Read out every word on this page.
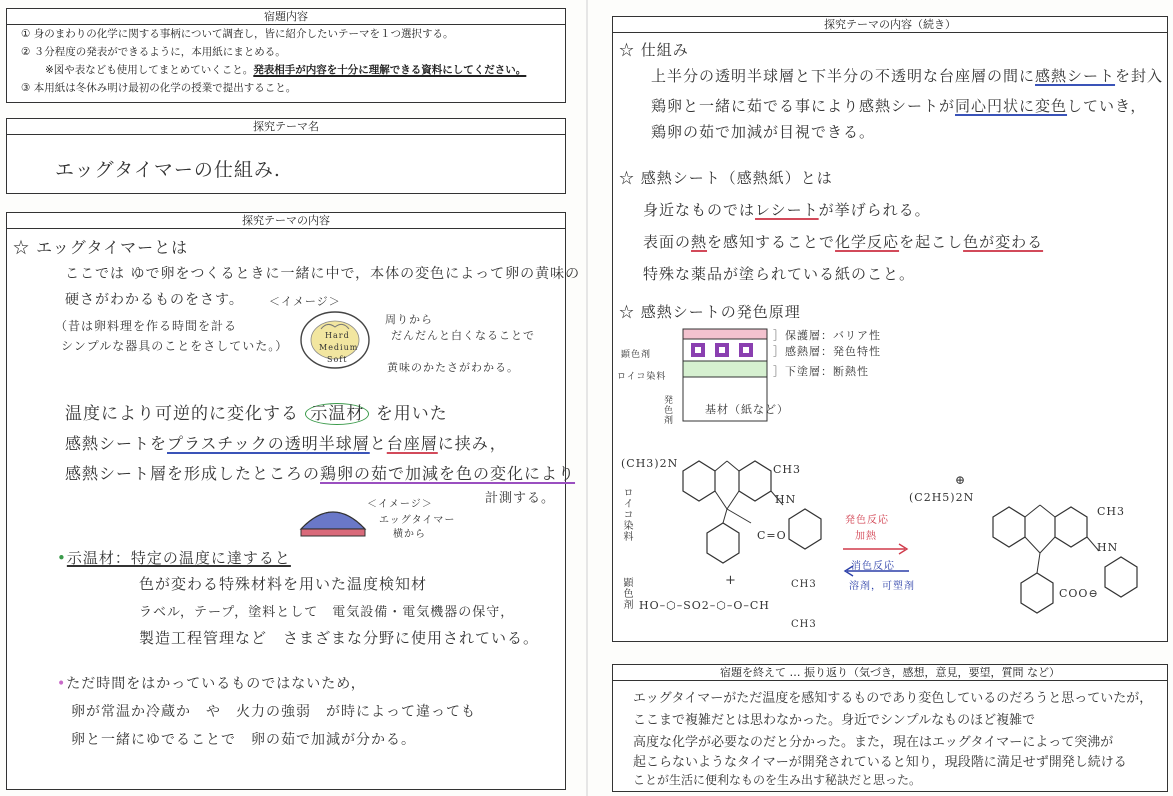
宿題内容
① 身のまわりの化学に関する事柄について調査し，皆に紹介したいテーマを１つ選択する。
② ３分程度の発表ができるように，本用紙にまとめる。
※図や表なども使用してまとめていくこと。発表相手が内容を十分に理解できる資料にしてください。
③ 本用紙は冬休み明け最初の化学の授業で提出すること。
探究テーマ名
エッグタイマーの仕組み.
探究テーマの内容
☆ エッグタイマーとは
ここでは ゆで卵をつくるときに一緒に中で，本体の変色によって卵の黄味の
硬さがわかるものをさす。 ＜イメージ＞
（昔は卵料理を作る時間を計る
シンプルな器具のことをさしていた。）
Hard
Medium
Soft
周りから
だんだんと白くなることで
黄味のかたさがわかる。
温度により可逆的に変化する 示温材 を用いた
感熱シートをプラスチックの透明半球層と台座層に挟み，
感熱シート層を形成したところの鶏卵の茹で加減を色の変化により
計測する。
＜イメージ＞
エッグタイマー
横から
•示温材：特定の温度に達すると
色が変わる特殊材料を用いた温度検知材
ラベル，テープ，塗料として　電気設備・電気機器の保守，
製造工程管理など　さまざまな分野に使用されている。
•ただ時間をはかっているものではないため，
卵が常温か冷蔵か　や　火力の強弱　が時によって違っても
卵と一緒にゆでることで　卵の茹で加減が分かる。
探究テーマの内容（続き）
☆ 仕組み
上半分の透明半球層と下半分の不透明な台座層の間に感熱シートを封入
鶏卵と一緒に茹でる事により感熱シートが同心円状に変色していき，
鶏卵の茹で加減が目視できる。
☆ 感熱シート（感熱紙）とは
身近なものではレシートが挙げられる。
表面の熱を感知することで化学反応を起こし色が変わる
特殊な薬品が塗られている紙のこと。
☆ 感熱シートの発色原理
］保護層：バリア性
］感熱層：発色特性
］下塗層：断熱性
顕色剤
ロイコ染料
基材（紙など）
発色剤
(CH3)2N	CH3
HN
C=O
+
ロイコ染料
顕色剤 HO–⬡–SO2–⬡–O–CH
CH3
CH3
発色反応
加熱
消色反応
溶剤，可塑剤
⊕
(C2H5)2N
CH3
HN
COO⊖
宿題を終えて … 振り返り（気づき，感想，意見，要望，質問 など）
エッグタイマーがただ温度を感知するものであり変色しているのだろうと思っていたが，
ここまで複雑だとは思わなかった。身近でシンプルなものほど複雑で
高度な化学が必要なのだと分かった。また，現在はエッグタイマーによって突沸が
起こらないようなタイマーが開発されていると知り，現段階に満足せず開発し続ける
ことが生活に便利なものを生み出す秘訣だと思った。
